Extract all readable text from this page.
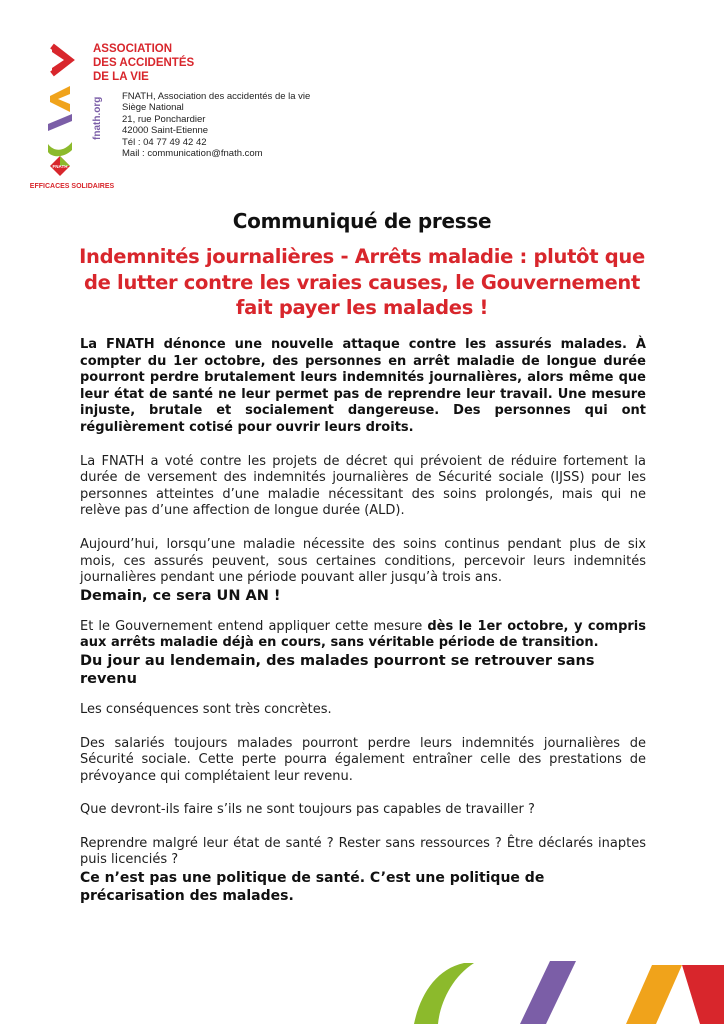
FNATH
fnath.org
EFFICACES SOLIDAIRES
ASSOCIATION
DES ACCIDENTÉS
DE LA VIE
FNATH, Association des accidentés de la vie
Siège National
21, rue Ponchardier
42000 Saint-Etienne
Tél : 04 77 49 42 42
Mail : communication@fnath.com
Communiqué de presse
Indemnités journalières - Arrêts maladie : plutôt que de lutter contre les vraies causes, le Gouvernement fait payer les malades !

La FNATH dénonce une nouvelle attaque contre les assurés malades. À compter du 1er octobre, des personnes en arrêt maladie de longue durée pourront perdre brutalement leurs indemnités journalières, alors même que leur état de santé ne leur permet pas de reprendre leur travail. Une mesure injuste, brutale et socialement dangereuse. Des personnes qui ont régulièrement cotisé pour ouvrir leurs droits.

La FNATH a voté contre les projets de décret qui prévoient de réduire fortement la durée de versement des indemnités journalières de Sécurité sociale (IJSS) pour les personnes atteintes d’une maladie nécessitant des soins prolongés, mais qui ne relève pas d’une affection de longue durée (ALD).

Aujourd’hui, lorsqu’une maladie nécessite des soins continus pendant plus de six mois, ces assurés peuvent, sous certaines conditions, percevoir leurs indemnités journalières pendant une période pouvant aller jusqu’à trois ans.

Demain, ce sera UN AN !

Et le Gouvernement entend appliquer cette mesure dès le 1er octobre, y compris aux arrêts maladie déjà en cours, sans véritable période de transition.

Du jour au lendemain, des malades pourront se retrouver sans revenu

Les conséquences sont très concrètes.

Des salariés toujours malades pourront perdre leurs indemnités journalières de Sécurité sociale. Cette perte pourra également entraîner celle des prestations de prévoyance qui complétaient leur revenu.

Que devront-ils faire s’ils ne sont toujours pas capables de travailler ?

Reprendre malgré leur état de santé ? Rester sans ressources ? Être déclarés inaptes puis licenciés ?

Ce n’est pas une politique de santé. C’est une politique de précarisation des malades.
